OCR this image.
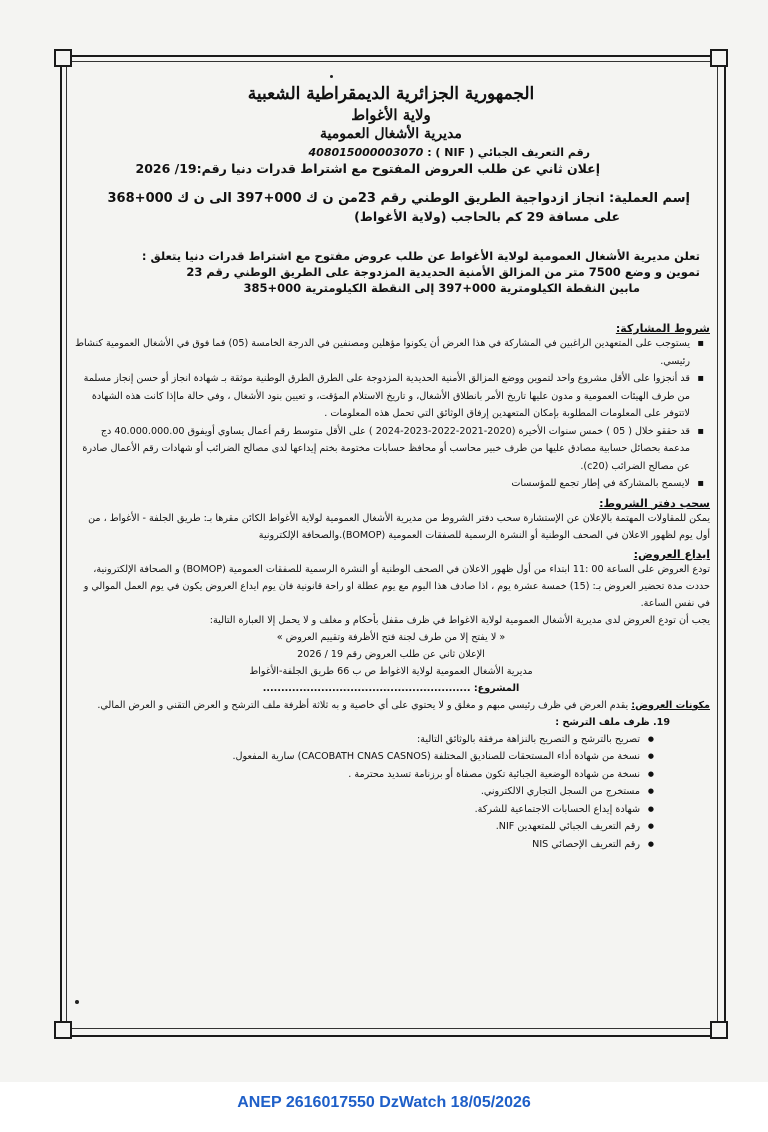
الجمهورية الجزائرية الديمقراطية الشعبية
ولاية الأغواط
مديرية الأشغال العمومية
رقم التعريف الجبائي ( NIF ) : 408015000003070
إعلان ثاني عن طلب العروض المفتوح مع اشتراط قدرات دنيا رقم:19/ 2026
إسم العملية: انجاز ازدواجية الطريق الوطني رقم 23من ن ك 000+397 الى ن ك 000+368
على مسافة 29 كم بالحاجب (ولاية الأغواط)
تعلن مديرية الأشغال العمومية لولاية الأغواط عن طلب عروض مفتوح مع اشتراط قدرات دنيا يتعلق :
تموين و وضع 7500 متر من المزالق الأمنية الحديدية المزدوجة على الطريق الوطني رقم 23
مابين النقطة الكيلومترية 000+397 إلى النقطة الكيلومترية 000+385
شروط المشاركة:
▪ يستوجب على المتعهدين الراغبين في المشاركة في هذا العرض أن يكونوا مؤهلين ومصنفين في الدرجة الخامسة (05) فما فوق في الأشغال العمومية كنشاط رئيسي.
▪ قد أنجزوا على الأقل مشروع واحد لتموين ووضع المزالق الأمنية الحديدية المزدوجة على الطرق الطرق الوطنية موثقة بـ شهادة انجاز أو حسن إنجاز مسلمة من طرف الهيئات العمومية و مدون عليها تاريخ الأمر بانطلاق الأشغال، و تاريخ الاستلام المؤقت، و تعيين بنود الأشغال ، وفي حالة ماإذا كانت هذه الشهادة لاتتوفر على المعلومات المطلوبة بإمكان المتعهدين إرفاق الوثائق التي تحمل هذه المعلومات .
▪ قد حققو خلال ( 05 ) خمس سنوات الأخيرة (2020-2021-2022-2023-2024 ) على الأقل متوسط رقم أعمال يساوي أويفوق 40.000.000.00 دج مدعمة بحصائل حسابية مصادق عليها من طرف خبير محاسب أو محافظ حسابات مختومة بختم إيداعها لدى مصالح الضرائب أو شهادات رقم الأعمال صادرة عن مصالح الضرائب (c20).
▪ لايسمح بالمشاركة في إطار تجمع للمؤسسات
سحب دفتر الشروط:
يمكن للمقاولات المهتمة بالإعلان عن الإستشارة سحب دفتر الشروط من مديرية الأشغال العمومية لولاية الأغواط الكائن مقرها بـ: طريق الجلفة - الأغواط ، من أول يوم لظهور الاعلان في الصحف الوطنية أو النشرة الرسمية للصفقات العمومية (BOMOP).والصحافة الإلكترونية
ايداع العروض:
تودع العروض على الساعة 00 :11 ابتداء من أول ظهور الاعلان في الصحف الوطنية أو النشرة الرسمية للصفقات العمومية (BOMOP) و الصحافة الإلكترونية، حددت مدة تحضير العروض بـ: (15) خمسة عشرة يوم ، اذا صادف هذا اليوم مع يوم عطلة او راحة قانونية فان يوم ايداع العروض يكون في يوم العمل الموالي و في نفس الساعة.
يجب أن تودع العروض لدى مديرية الأشغال العمومية لولاية الاغواط في ظرف مقفل بأحكام و مغلف و لا يحمل إلا العبارة التالية:
« لا يفتح إلا من طرف لجنة فتح الأظرفة وتقييم العروض »
الإعلان ثاني عن طلب العروض رقم 19 / 2026
مديرية الأشغال العمومية لولاية الاغواط ص ب 66 طريق الجلفة-الأغواط
المشروع: .........................................................
مكونات العروض: يقدم العرض في ظرف رئيسي مبهم و مغلق و لا يحتوي على أي خاصية و به ثلاثة أظرفة ملف الترشح و العرض التقني و العرض المالي.
19. ظرف ملف الترشح :
● تصريح بالترشح و التصريح بالنزاهة مرفقة بالوثائق التالية:
● نسخة من شهادة أداء المستحقات للصناديق المختلفة (CACOBATH CNAS CASNOS) سارية المفعول.
● نسخة من شهادة الوضعية الجبائية تكون مصفاة أو برزنامة تسديد محترمة .
● مستخرج من السجل التجاري الالكتروني.
● شهادة إيداع الحسابات الاجتماعية للشركة.
● رقم التعريف الجبائي للمتعهدين NIF.
● رقم التعريف الإحصائي NIS
ANEP 2616017550 DzWatch 18/05/2026
